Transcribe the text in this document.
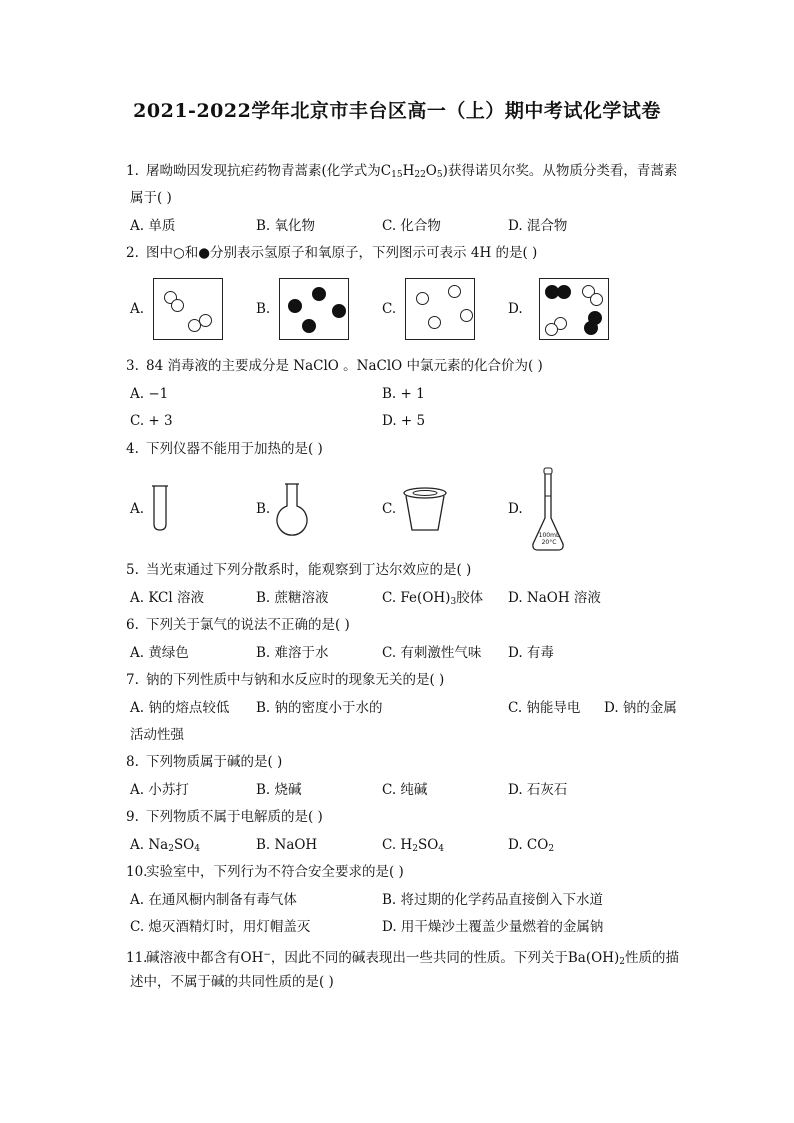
2021-2022学年北京市丰台区高一（上）期中考试化学试卷
1. 屠呦呦因发现抗疟药物青蒿素(化学式为$C_{15}H_{22}O_5$)获得诺贝尔奖。从物质分类看，青蒿素
属于( )
A. 单质	B. 氧化物	C. 化合物	D. 混合物
2. 图中○和●分别表示氢原子和氧原子，下列图示可表示 4H 的是( )
A.	B.	C.	D.
3. 84 消毒液的主要成分是 NaClO 。NaClO 中氯元素的化合价为( )
A. −1	B. + 1
C. + 3	D. + 5
4. 下列仪器不能用于加热的是( )
A.	B.	C.	D.
100mL
20°C
5. 当光束通过下列分散系时，能观察到丁达尔效应的是( )
A. KCl 溶液	B. 蔗糖溶液	C. $Fe(OH)_3$胶体 D. NaOH 溶液
6. 下列关于氯气的说法不正确的是( )
A. 黄绿色	B. 难溶于水	C. 有刺激性气味 D. 有毒
7. 钠的下列性质中与钠和水反应时的现象无关的是( )
A. 钠的熔点较低 B. 钠的密度小于水的	C. 钠能导电 D. 钠的金属
活动性强
8. 下列物质属于碱的是( )
A. 小苏打	B. 烧碱	C. 纯碱	D. 石灰石
9. 下列物质不属于电解质的是( )
A. $Na_2SO_4$	B. NaOH	C. $H_2SO_4$	D. $CO_2$
10.实验室中，下列行为不符合安全要求的是( )
A. 在通风橱内制备有毒气体	B. 将过期的化学药品直接倒入下水道
C. 熄灭酒精灯时，用灯帽盖灭	D. 用干燥沙土覆盖少量燃着的金属钠
11.碱溶液中都含有OH−，因此不同的碱表现出一些共同的性质。下列关于$Ba(OH)_2$性质的描
述中，不属于碱的共同性质的是( )
